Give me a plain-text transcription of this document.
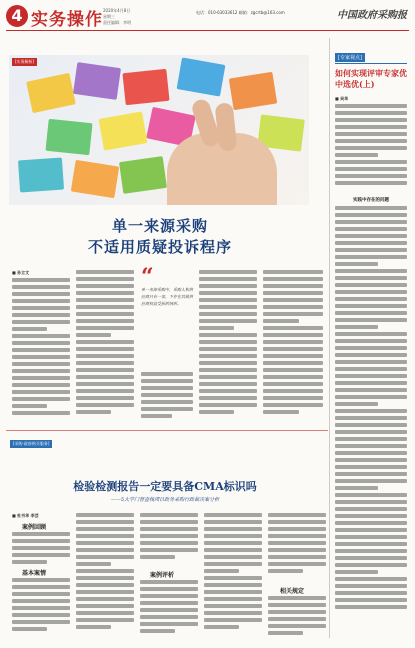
4 实务操作 2020年4月8日
星期三
责任编辑：李明
电话：010-63033612 邮箱：zgcrtb@163.com	中国政府采购报
[实务解析]
单一来源采购
不适用质疑投诉程序
■ 孙立文	“
单一来源采购中，采购人和供应商只有一家，不存在其他供应商权益受损的情形。
[专家视点]
如何实现评审专家优中选优(上)
■ 吴华
实践中存在的问题
[采购·政府购买服务]
检验检测报告一定要具备CMA标识吗
——5大学门督查栈项目政务采购行政裁决案分析
■ 杜书华 李芸
案例回顾
基本案情	案例评析
相关规定
